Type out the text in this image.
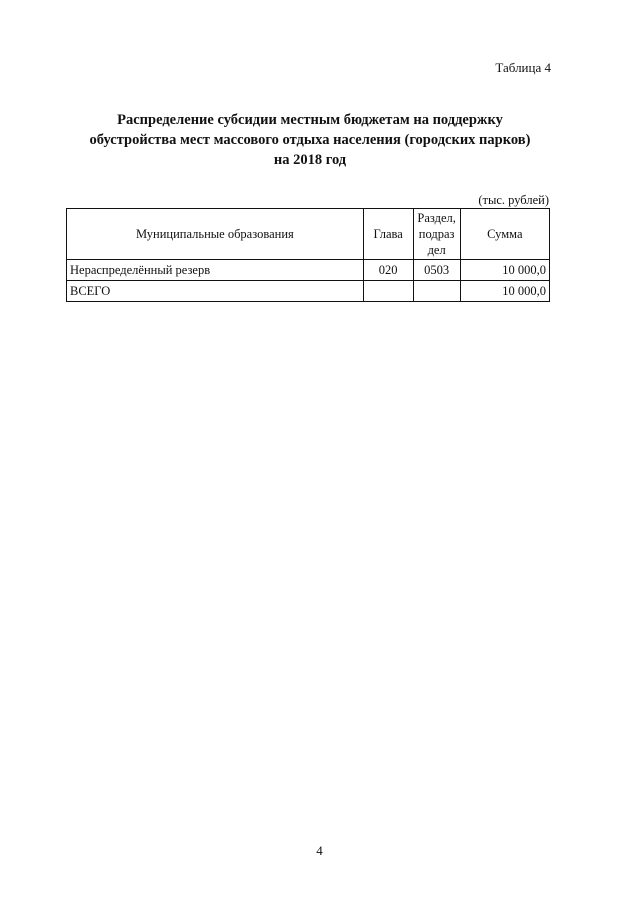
Таблица 4
Распределение субсидии местным бюджетам на поддержку
обустройства мест массового отдыха населения (городских парков)
на 2018 год
(тыс. рублей)
Муниципальные образования	Глава	Раздел,
подраз
дел	Сумма
Нераспределённый резерв	020	0503	10 000,0
ВСЕГО			10 000,0
4
